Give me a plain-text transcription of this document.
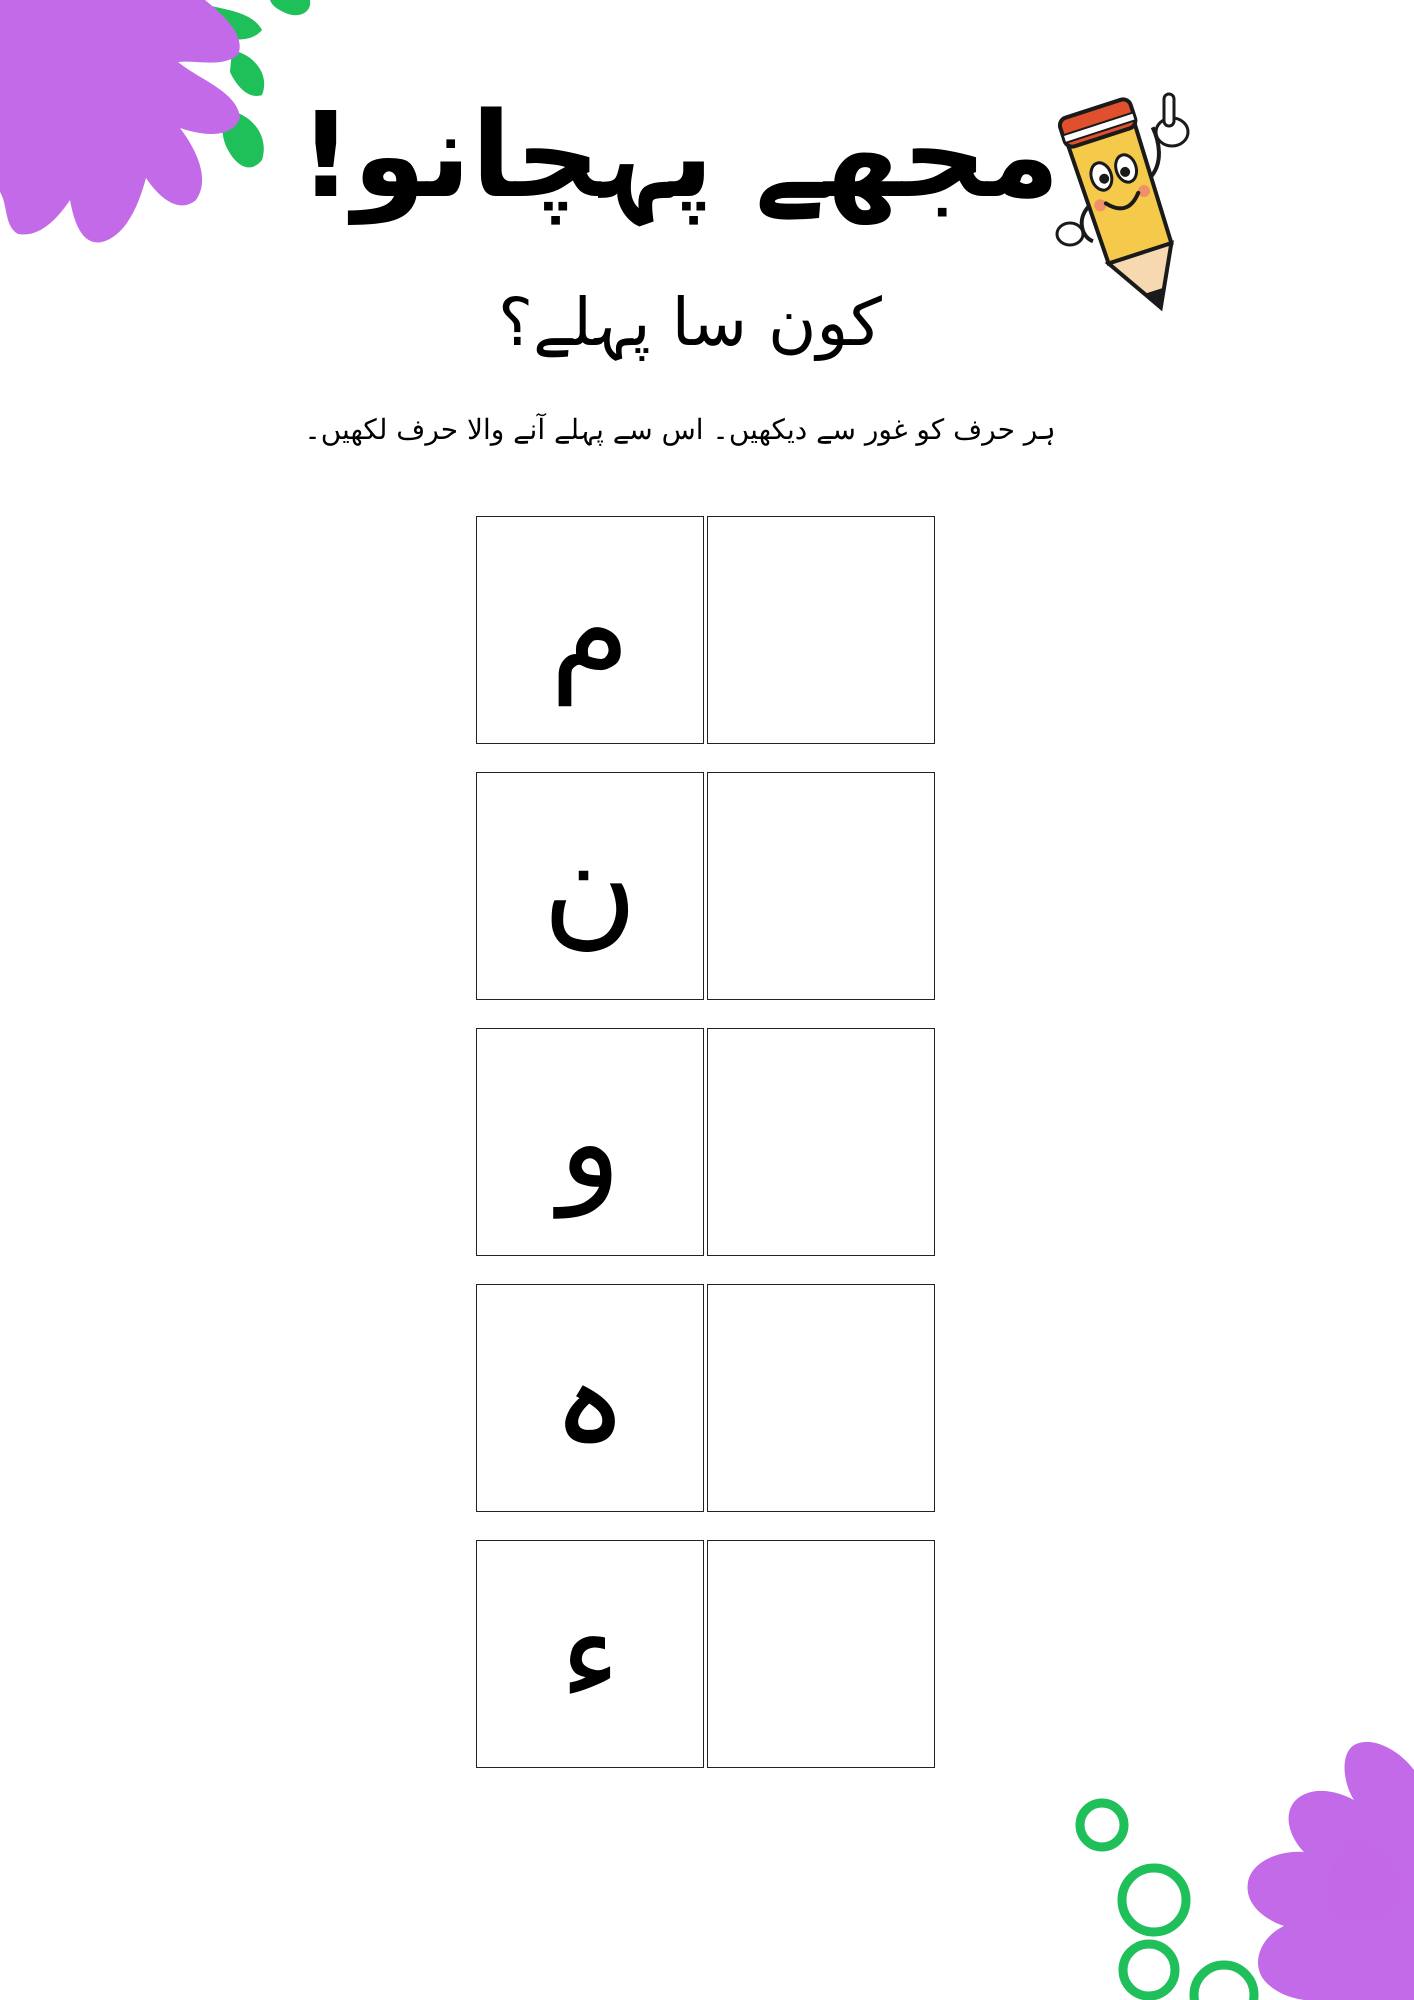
مجھے پہچانو!
کون سا پہلے؟

ہر حرف کو غور سے دیکھیں۔ اس سے پہلے آنے والا حرف لکھیں۔

م
ن
و
ہ
ء
